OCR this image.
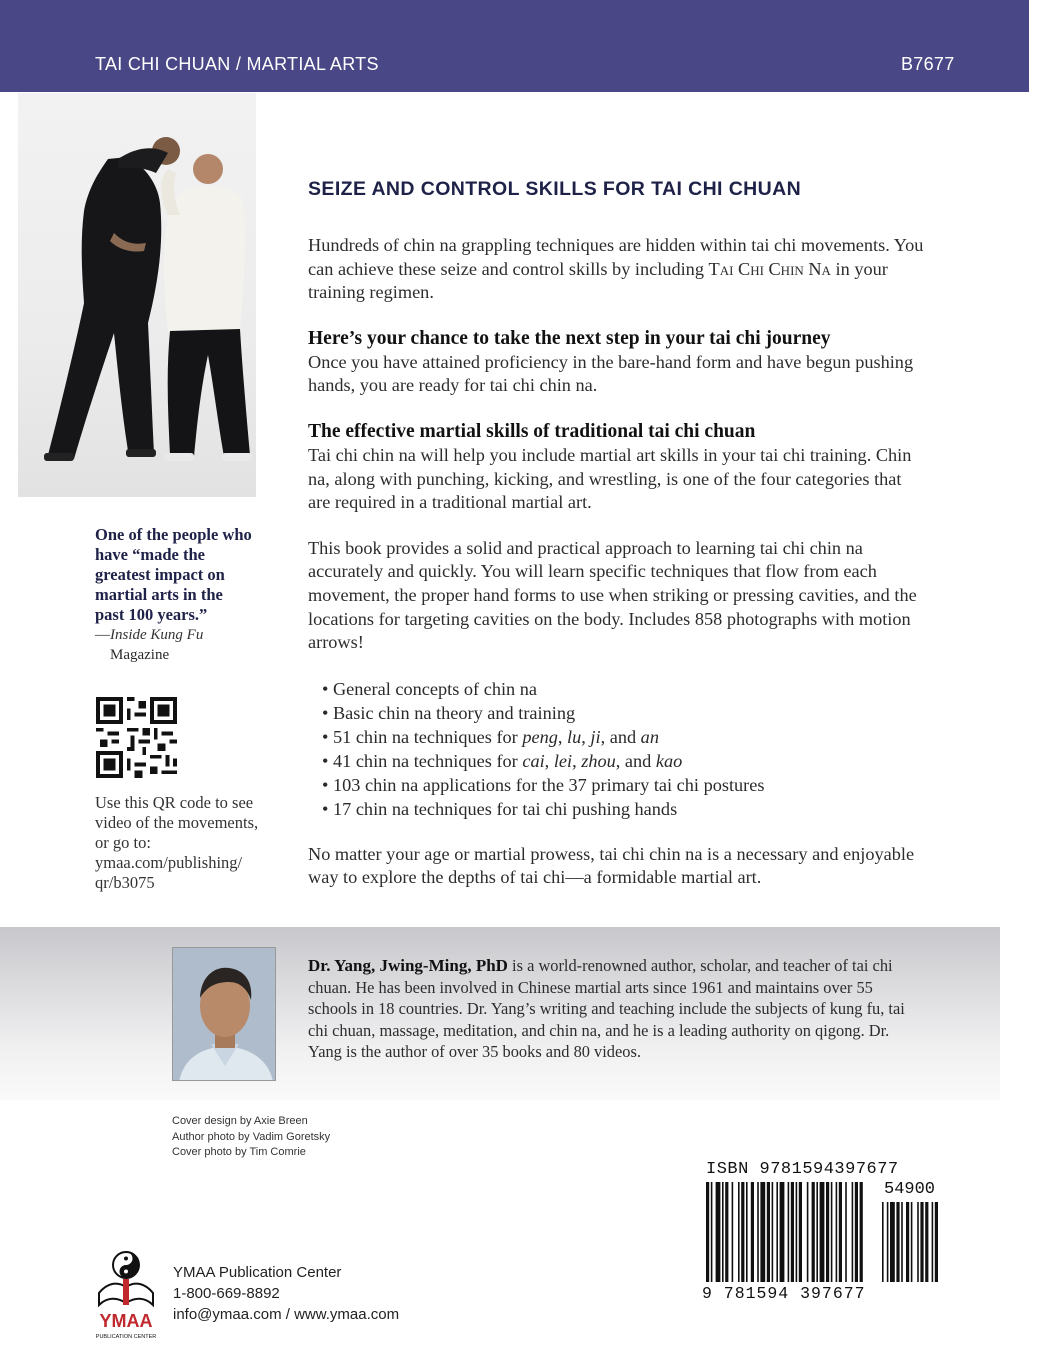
TAI CHI CHUAN / MARTIAL ARTS	B7677
One of the people who have “made the greatest impact on martial arts in the past 100 years.”
—Inside Kung Fu
Magazine
Use this QR code to see video of the movements, or go to: ymaa.com/publishing/ qr/b3075
SEIZE AND CONTROL SKILLS FOR TAI CHI CHUAN

Hundreds of chin na grappling techniques are hidden within tai chi movements. You can achieve these seize and control skills by including Tai Chi Chin Na in your training regimen.

Here’s your chance to take the next step in your tai chi journey

Once you have attained proficiency in the bare-hand form and have begun pushing hands, you are ready for tai chi chin na.

The effective martial skills of traditional tai chi chuan

Tai chi chin na will help you include martial art skills in your tai chi training. Chin na, along with punching, kicking, and wrestling, is one of the four categories that are required in a traditional martial art.

This book provides a solid and practical approach to learning tai chi chin na accurately and quickly. You will learn specific techniques that flow from each movement, the proper hand forms to use when striking or pressing cavities, and the locations for targeting cavities on the body. Includes 858 photographs with motion arrows!

• General concepts of chin na
• Basic chin na theory and training
• 51 chin na techniques for peng, lu, ji, and an
• 41 chin na techniques for cai, lei, zhou, and kao
• 103 chin na applications for the 37 primary tai chi postures
• 17 chin na techniques for tai chi pushing hands

No matter your age or martial prowess, tai chi chin na is a necessary and enjoyable way to explore the depths of tai chi—a formidable martial art.

Dr. Yang, Jwing-Ming, PhD is a world-renowned author, scholar, and teacher of tai chi chuan. He has been involved in Chinese martial arts since 1961 and maintains over 55 schools in 18 countries. Dr. Yang’s writing and teaching include the subjects of kung fu, tai chi chuan, massage, meditation, and chin na, and he is a leading authority on qigong. Dr. Yang is the author of over 35 books and 80 videos.
Cover design by Axie Breen
Author photo by Vadim Goretsky
Cover photo by Tim Comrie
YMAA
PUBLICATION CENTER
YMAA Publication Center
1-800-669-8892
info@ymaa.com / www.ymaa.com
ISBN 9781594397677
54900
9 781594 397677
